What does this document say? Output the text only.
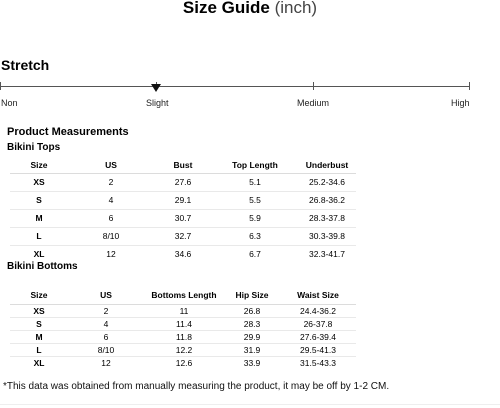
Size Guide (inch)
Stretch
Non	Slight	Medium	High
Product Measurements
Bikini Tops
Size	US	Bust	Top Length	Underbust
XS	2	27.6	5.1	25.2-34.6
S	4	29.1	5.5	26.8-36.2
M	6	30.7	5.9	28.3-37.8
L	8/10	32.7	6.3	30.3-39.8
XL	12	34.6	6.7	32.3-41.7
Bikini Bottoms
Size	US	Bottoms Length	Hip Size	Waist Size
XS	2	11	26.8	24.4-36.2
S	4	11.4	28.3	26-37.8
M	6	11.8	29.9	27.6-39.4
L	8/10	12.2	31.9	29.5-41.3
XL	12	12.6	33.9	31.5-43.3
*This data was obtained from manually measuring the product, it may be off by 1-2 CM.
